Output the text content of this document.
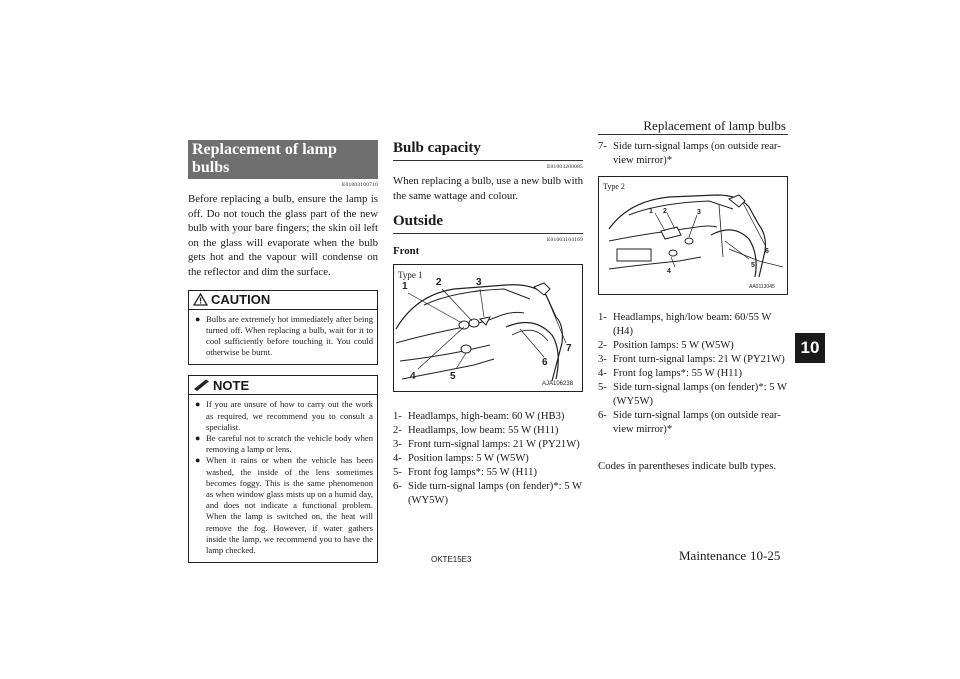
Replacement of lamp bulbs
10
Replacement of lamp bulbs
E01003100710
Before replacing a bulb, ensure the lamp is off. Do not touch the glass part of the new bulb with your bare fingers; the skin oil left on the glass will evaporate when the bulb gets hot and the vapour will condense on the reflector and dim the surface.
CAUTION
● Bulbs are extremely hot immediately after being turned off. When replacing a bulb, wait for it to cool sufficiently before touching it. You could otherwise be burnt.
NOTE
● If you are unsure of how to carry out the work as required, we recommend you to consult a specialist.
● Be careful not to scratch the vehicle body when removing a lamp or lens.
● When it rains or when the vehicle has been washed, the inside of the lens sometimes becomes foggy. This is the same phenomenon as when window glass mists up on a humid day, and does not indicate a functional problem. When the lamp is switched on, the heat will remove the fog. However, if water gathers inside the lamp, we recommend you to have the lamp checked.
Bulb capacity
E01003200085
When replacing a bulb, use a new bulb with the same wattage and colour.
Outside
E01003104169
Front
Type 1
1	2	3
4	5
6
7
AJA106238
1- Headlamps, high-beam: 60 W (HB3)
2- Headlamps, low beam: 55 W (H11)
3- Front turn-signal lamps: 21 W (PY21W)
4- Position lamps: 5 W (W5W)
5- Front fog lamps*: 55 W (H11)
6- Side turn-signal lamps (on fender)*: 5 W (WY5W)
7- Side turn-signal lamps (on outside rear-view mirror)*
Type 2
1 2	3
4
5
6
AA0113045
1- Headlamps, high/low beam: 60/55 W (H4)
2- Position lamps: 5 W (W5W)
3- Front turn-signal lamps: 21 W (PY21W)
4- Front fog lamps*: 55 W (H11)
5- Side turn-signal lamps (on fender)*: 5 W (WY5W)
6- Side turn-signal lamps (on outside rear-view mirror)*
Codes in parentheses indicate bulb types.
OKTE15E3	Maintenance 10-25
